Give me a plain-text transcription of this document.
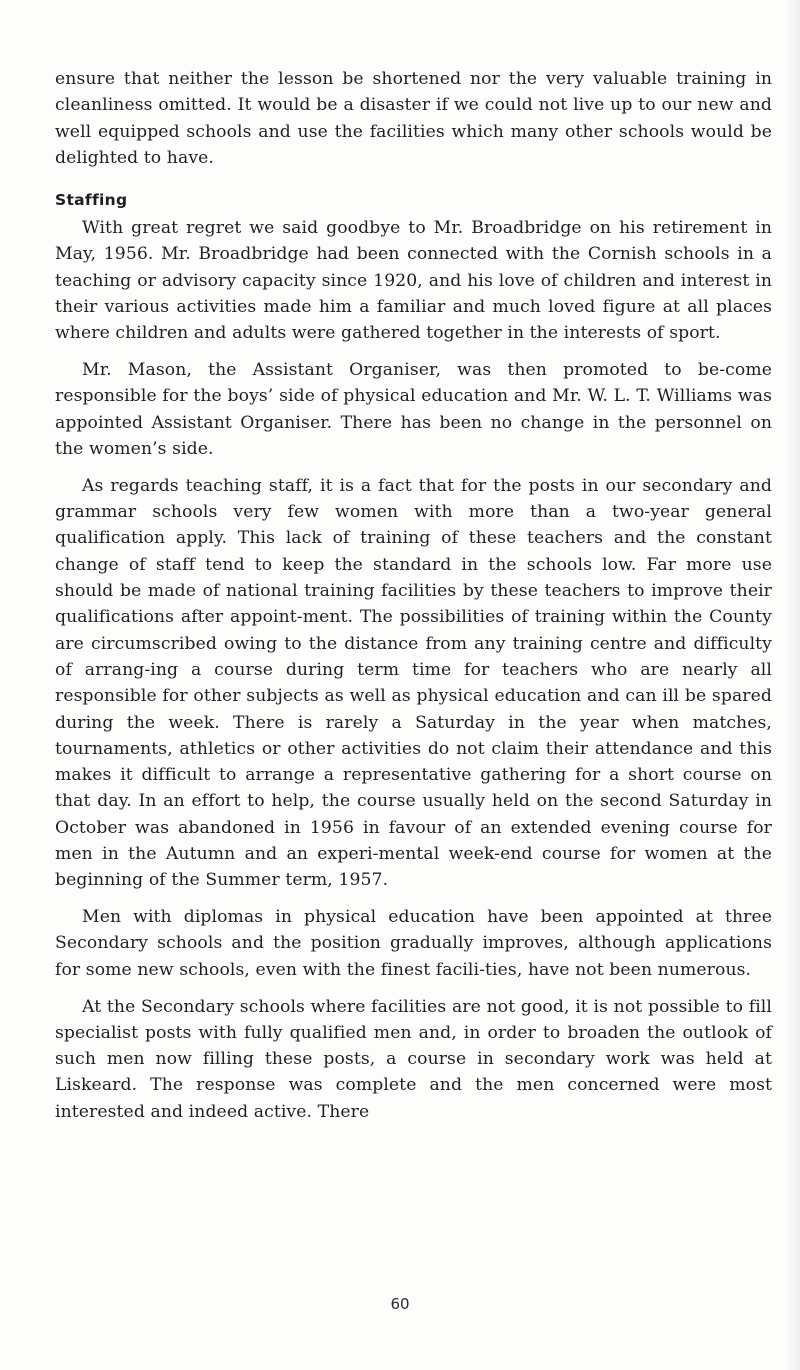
ensure that neither the lesson be shortened nor the very valuable training in cleanliness omitted. It would be a disaster if we could not live up to our new and well equipped schools and use the facilities which many other schools would be delighted to have.

Staffing

With great regret we said goodbye to Mr. Broadbridge on his retirement in May, 1956. Mr. Broadbridge had been connected with the Cornish schools in a teaching or advisory capacity since 1920, and his love of children and interest in their various activities made him a familiar and much loved figure at all places where children and adults were gathered together in the interests of sport.

Mr. Mason, the Assistant Organiser, was then promoted to be-come responsible for the boys’ side of physical education and Mr. W. L. T. Williams was appointed Assistant Organiser. There has been no change in the personnel on the women’s side.

As regards teaching staff, it is a fact that for the posts in our secondary and grammar schools very few women with more than a two-year general qualification apply. This lack of training of these teachers and the constant change of staff tend to keep the standard in the schools low. Far more use should be made of national training facilities by these teachers to improve their qualifications after appoint-ment. The possibilities of training within the County are circumscribed owing to the distance from any training centre and difficulty of arrang-ing a course during term time for teachers who are nearly all responsible for other subjects as well as physical education and can ill be spared during the week. There is rarely a Saturday in the year when matches, tournaments, athletics or other activities do not claim their attendance and this makes it difficult to arrange a representative gathering for a short course on that day. In an effort to help, the course usually held on the second Saturday in October was abandoned in 1956 in favour of an extended evening course for men in the Autumn and an experi-mental week-end course for women at the beginning of the Summer term, 1957.

Men with diplomas in physical education have been appointed at three Secondary schools and the position gradually improves, although applications for some new schools, even with the finest facili-ties, have not been numerous.

At the Secondary schools where facilities are not good, it is not possible to fill specialist posts with fully qualified men and, in order to broaden the outlook of such men now filling these posts, a course in secondary work was held at Liskeard. The response was complete and the men concerned were most interested and indeed active. There

60
